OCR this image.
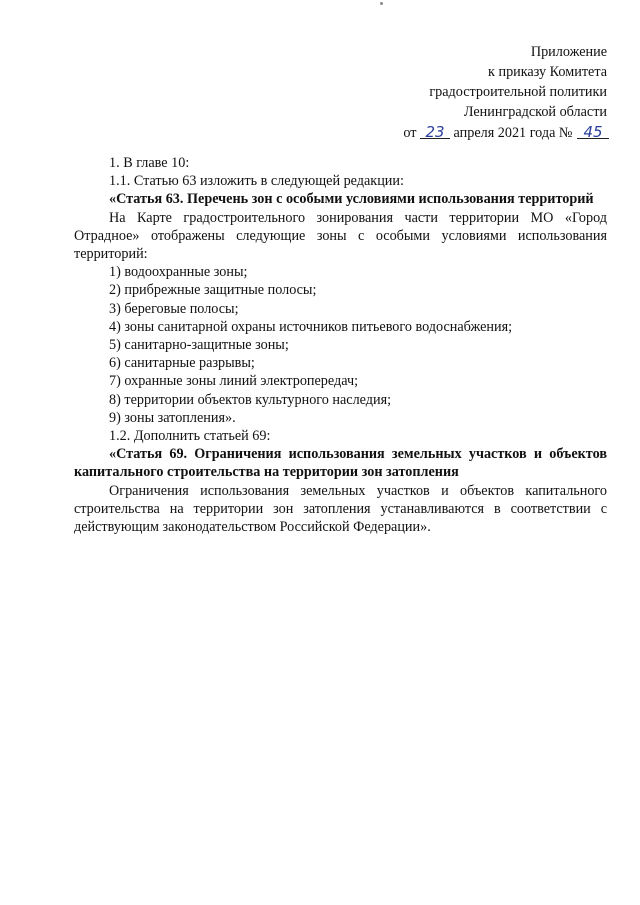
Приложение
к приказу Комитета
градостроительной политики
Ленинградской области
от 23 апреля 2021 года № 45

1. В главе 10:

1.1. Статью 63 изложить в следующей редакции:

«Статья 63. Перечень зон с особыми условиями использования территорий

На Карте градостроительного зонирования части территории МО «Город Отрадное» отображены следующие зоны с особыми условиями использования территорий:

1) водоохранные зоны;

2) прибрежные защитные полосы;

3) береговые полосы;

4) зоны санитарной охраны источников питьевого водоснабжения;

5) санитарно-защитные зоны;

6) санитарные разрывы;

7) охранные зоны линий электропередач;

8) территории объектов культурного наследия;

9) зоны затопления».

1.2. Дополнить статьей 69:

«Статья 69. Ограничения использования земельных участков и объектов капитального строительства на территории зон затопления

Ограничения использования земельных участков и объектов капитального строительства на территории зон затопления устанавливаются в соответствии с действующим законодательством Российской Федерации».
